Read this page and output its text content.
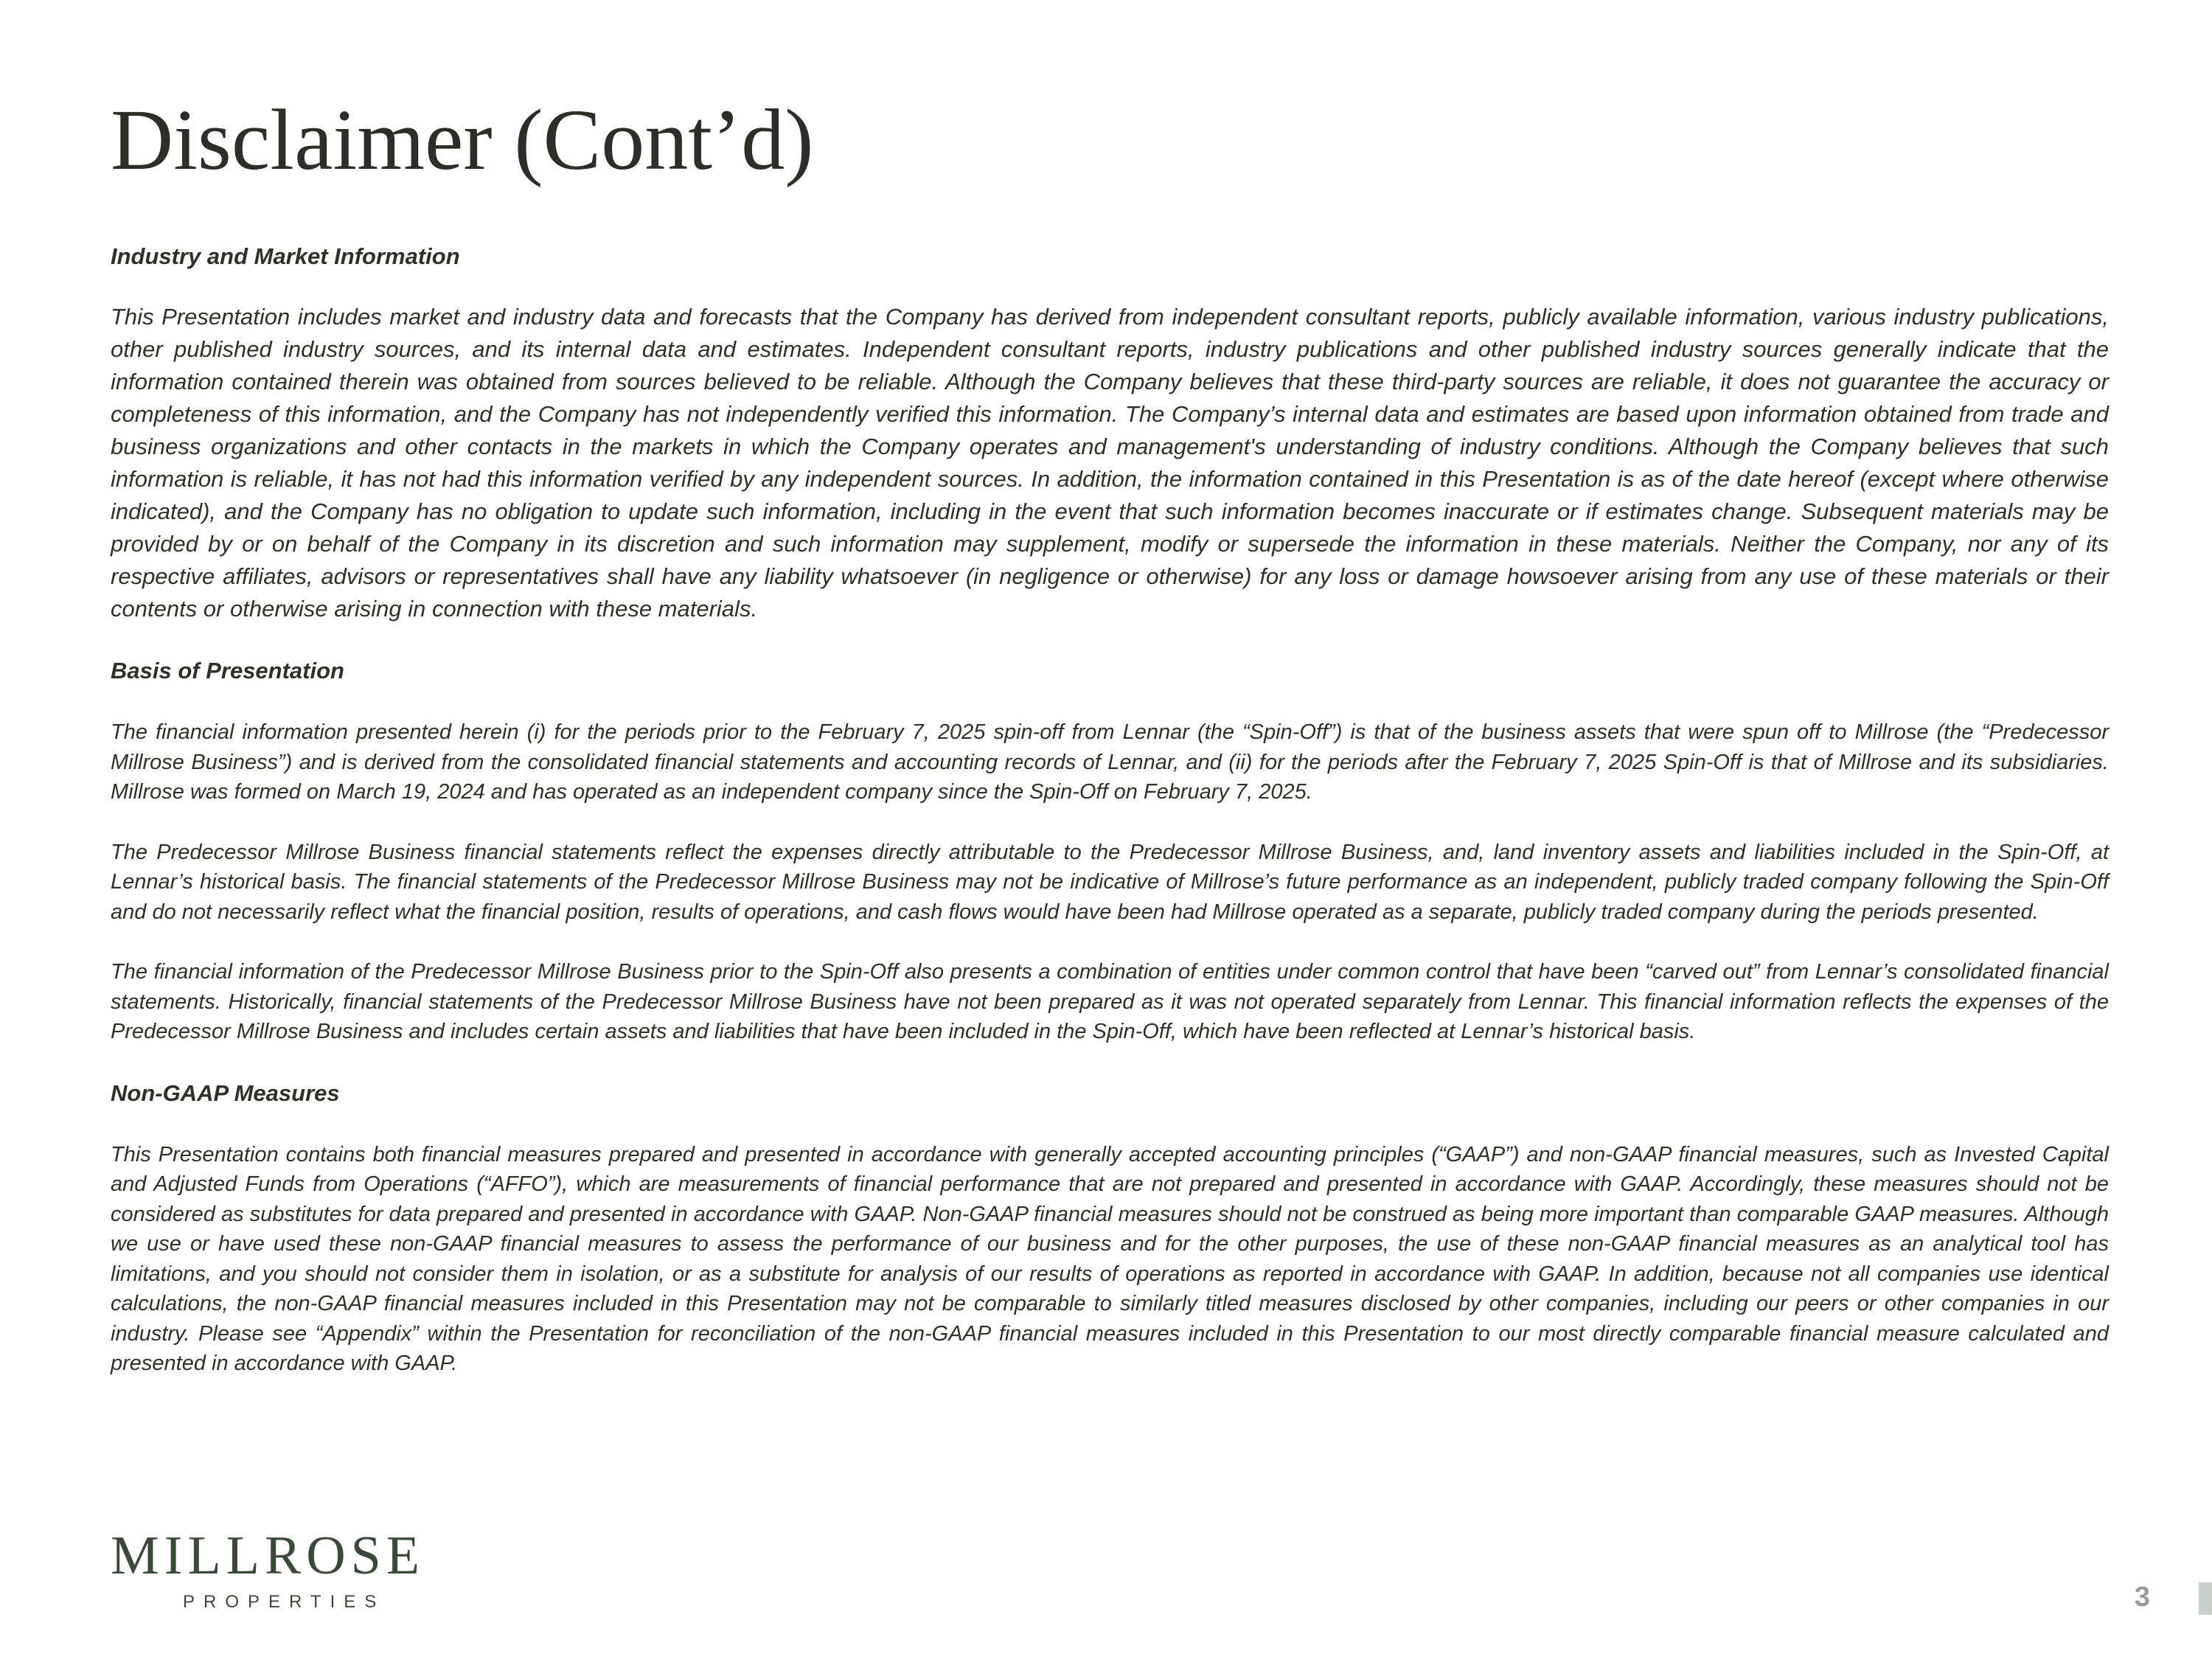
Disclaimer (Cont’d)

Industry and Market Information

This Presentation includes market and industry data and forecasts that the Company has derived from independent consultant reports, publicly available information, various industry publications, other published industry sources, and its internal data and estimates. Independent consultant reports, industry publications and other published industry sources generally indicate that the information contained therein was obtained from sources believed to be reliable. Although the Company believes that these third-party sources are reliable, it does not guarantee the accuracy or completeness of this information, and the Company has not independently verified this information. The Company’s internal data and estimates are based upon information obtained from trade and business organizations and other contacts in the markets in which the Company operates and management's understanding of industry conditions. Although the Company believes that such information is reliable, it has not had this information verified by any independent sources. In addition, the information contained in this Presentation is as of the date hereof (except where otherwise indicated), and the Company has no obligation to update such information, including in the event that such information becomes inaccurate or if estimates change. Subsequent materials may be provided by or on behalf of the Company in its discretion and such information may supplement, modify or supersede the information in these materials. Neither the Company, nor any of its respective affiliates, advisors or representatives shall have any liability whatsoever (in negligence or otherwise) for any loss or damage howsoever arising from any use of these materials or their contents or otherwise arising in connection with these materials.

Basis of Presentation

The financial information presented herein (i) for the periods prior to the February 7, 2025 spin-off from Lennar (the “Spin-Off”) is that of the business assets that were spun off to Millrose (the “Predecessor Millrose Business”) and is derived from the consolidated financial statements and accounting records of Lennar, and (ii) for the periods after the February 7, 2025 Spin-Off is that of Millrose and its subsidiaries. Millrose was formed on March 19, 2024 and has operated as an independent company since the Spin-Off on February 7, 2025.

The Predecessor Millrose Business financial statements reflect the expenses directly attributable to the Predecessor Millrose Business, and, land inventory assets and liabilities included in the Spin-Off, at Lennar’s historical basis. The financial statements of the Predecessor Millrose Business may not be indicative of Millrose’s future performance as an independent, publicly traded company following the Spin-Off and do not necessarily reflect what the financial position, results of operations, and cash flows would have been had Millrose operated as a separate, publicly traded company during the periods presented.

The financial information of the Predecessor Millrose Business prior to the Spin-Off also presents a combination of entities under common control that have been “carved out” from Lennar’s consolidated financial statements. Historically, financial statements of the Predecessor Millrose Business have not been prepared as it was not operated separately from Lennar. This financial information reflects the expenses of the Predecessor Millrose Business and includes certain assets and liabilities that have been included in the Spin-Off, which have been reflected at Lennar’s historical basis.

Non-GAAP Measures

This Presentation contains both financial measures prepared and presented in accordance with generally accepted accounting principles (“GAAP”) and non-GAAP financial measures, such as Invested Capital and Adjusted Funds from Operations (“AFFO”), which are measurements of financial performance that are not prepared and presented in accordance with GAAP. Accordingly, these measures should not be considered as substitutes for data prepared and presented in accordance with GAAP. Non-GAAP financial measures should not be construed as being more important than comparable GAAP measures. Although we use or have used these non-GAAP financial measures to assess the performance of our business and for the other purposes, the use of these non-GAAP financial measures as an analytical tool has limitations, and you should not consider them in isolation, or as a substitute for analysis of our results of operations as reported in accordance with GAAP. In addition, because not all companies use identical calculations, the non-GAAP financial measures included in this Presentation may not be comparable to similarly titled measures disclosed by other companies, including our peers or other companies in our industry. Please see “Appendix” within the Presentation for reconciliation of the non-GAAP financial measures included in this Presentation to our most directly comparable financial measure calculated and presented in accordance with GAAP.

MILLROSE
PROPERTIES	3
